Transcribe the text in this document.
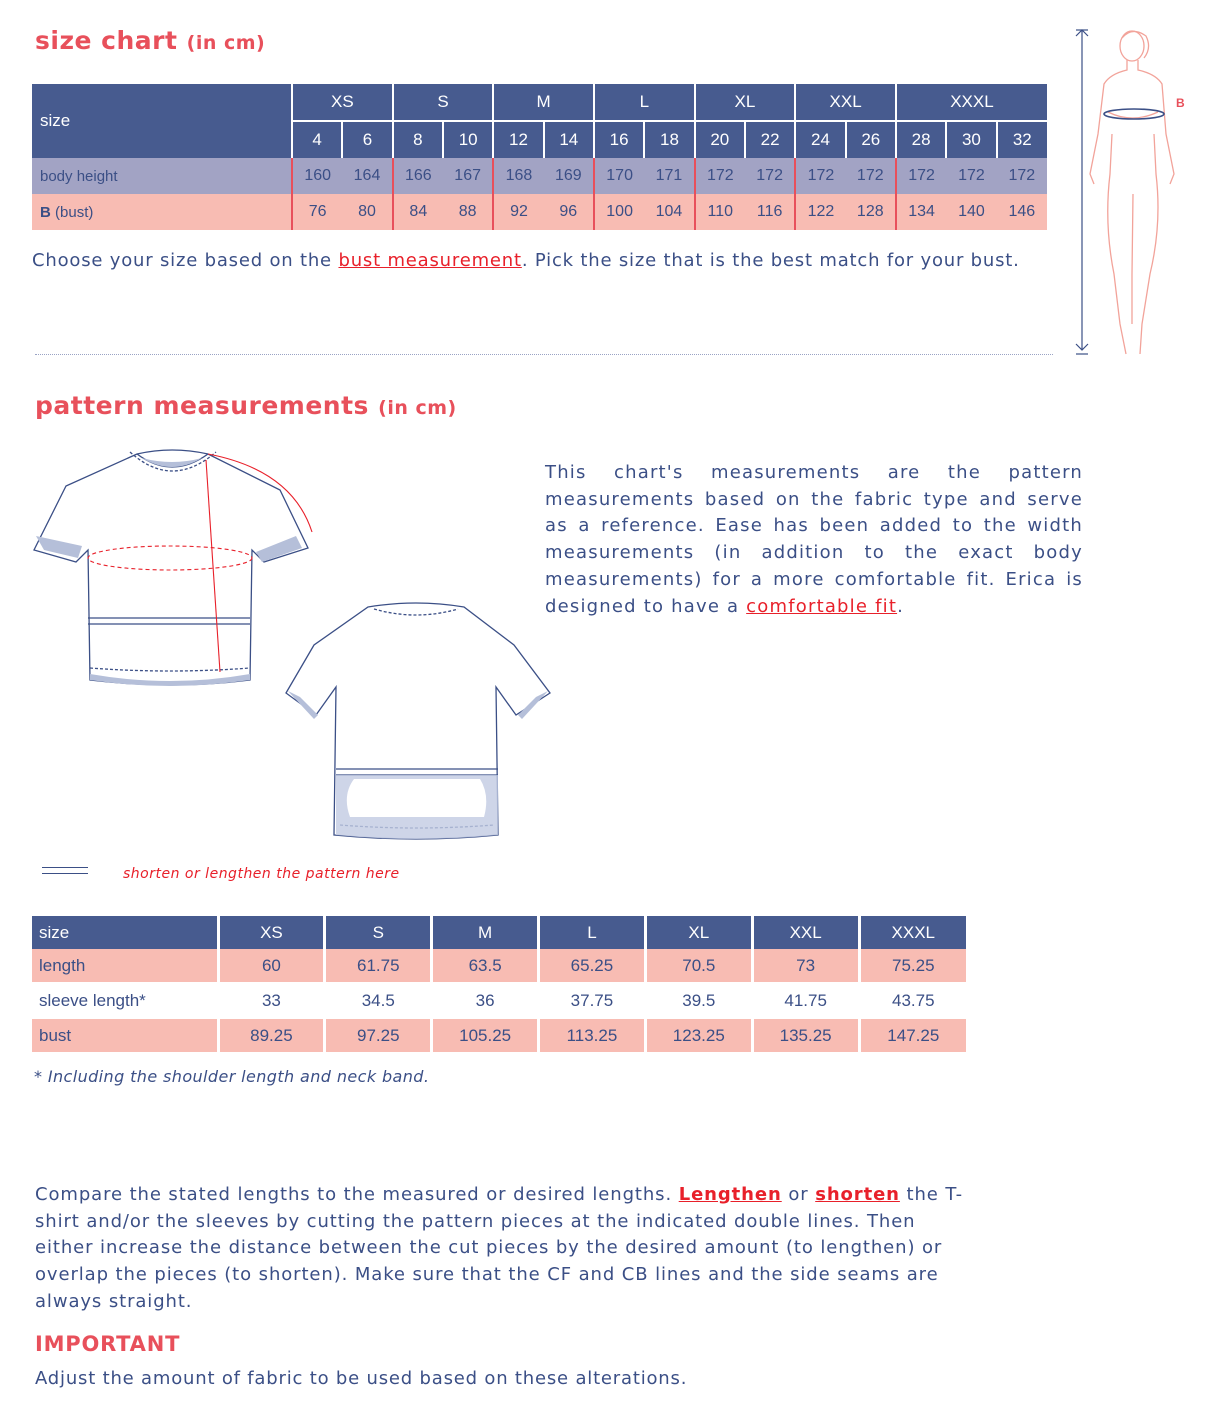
size chart (in cm)
size	XS		S		M		L		XL		XXL		XXXL		
	4	6	8	10	12	14	16	18	20	22	24	26	28	30	32
body height	160	164	166	167	168	169	170	171	172	172	172	172	172	172	172
B (bust)	76	80	84	88	92	96	100	104	110	116	122	128	134	140	146
Choose your size based on the bust measurement. Pick the size that is the best match for your bust.
B
pattern measurements (in cm)
This chart's measurements are the pattern measurements based on the fabric type and serve as a reference. Ease has been added to the width measurements (in addition to the exact body measurements) for a more comfortable fit. Erica is designed to have a comfortable fit.
shorten or lengthen the pattern here
size	XS	S	M	L	XL	XXL	XXXL
length	60	61.75	63.5	65.25	70.5	73	75.25
sleeve length*	33	34.5	36	37.75	39.5	41.75	43.75
bust	89.25	97.25	105.25	113.25	123.25	135.25	147.25
* Including the shoulder length and neck band.
Compare the stated lengths to the measured or desired lengths. Lengthen or shorten the T-shirt and/or the sleeves by cutting the pattern pieces at the indicated double lines. Then either increase the distance between the cut pieces by the desired amount (to lengthen) or overlap the pieces (to shorten). Make sure that the CF and CB lines and the side seams are always straight.
IMPORTANT
Adjust the amount of fabric to be used based on these alterations.
